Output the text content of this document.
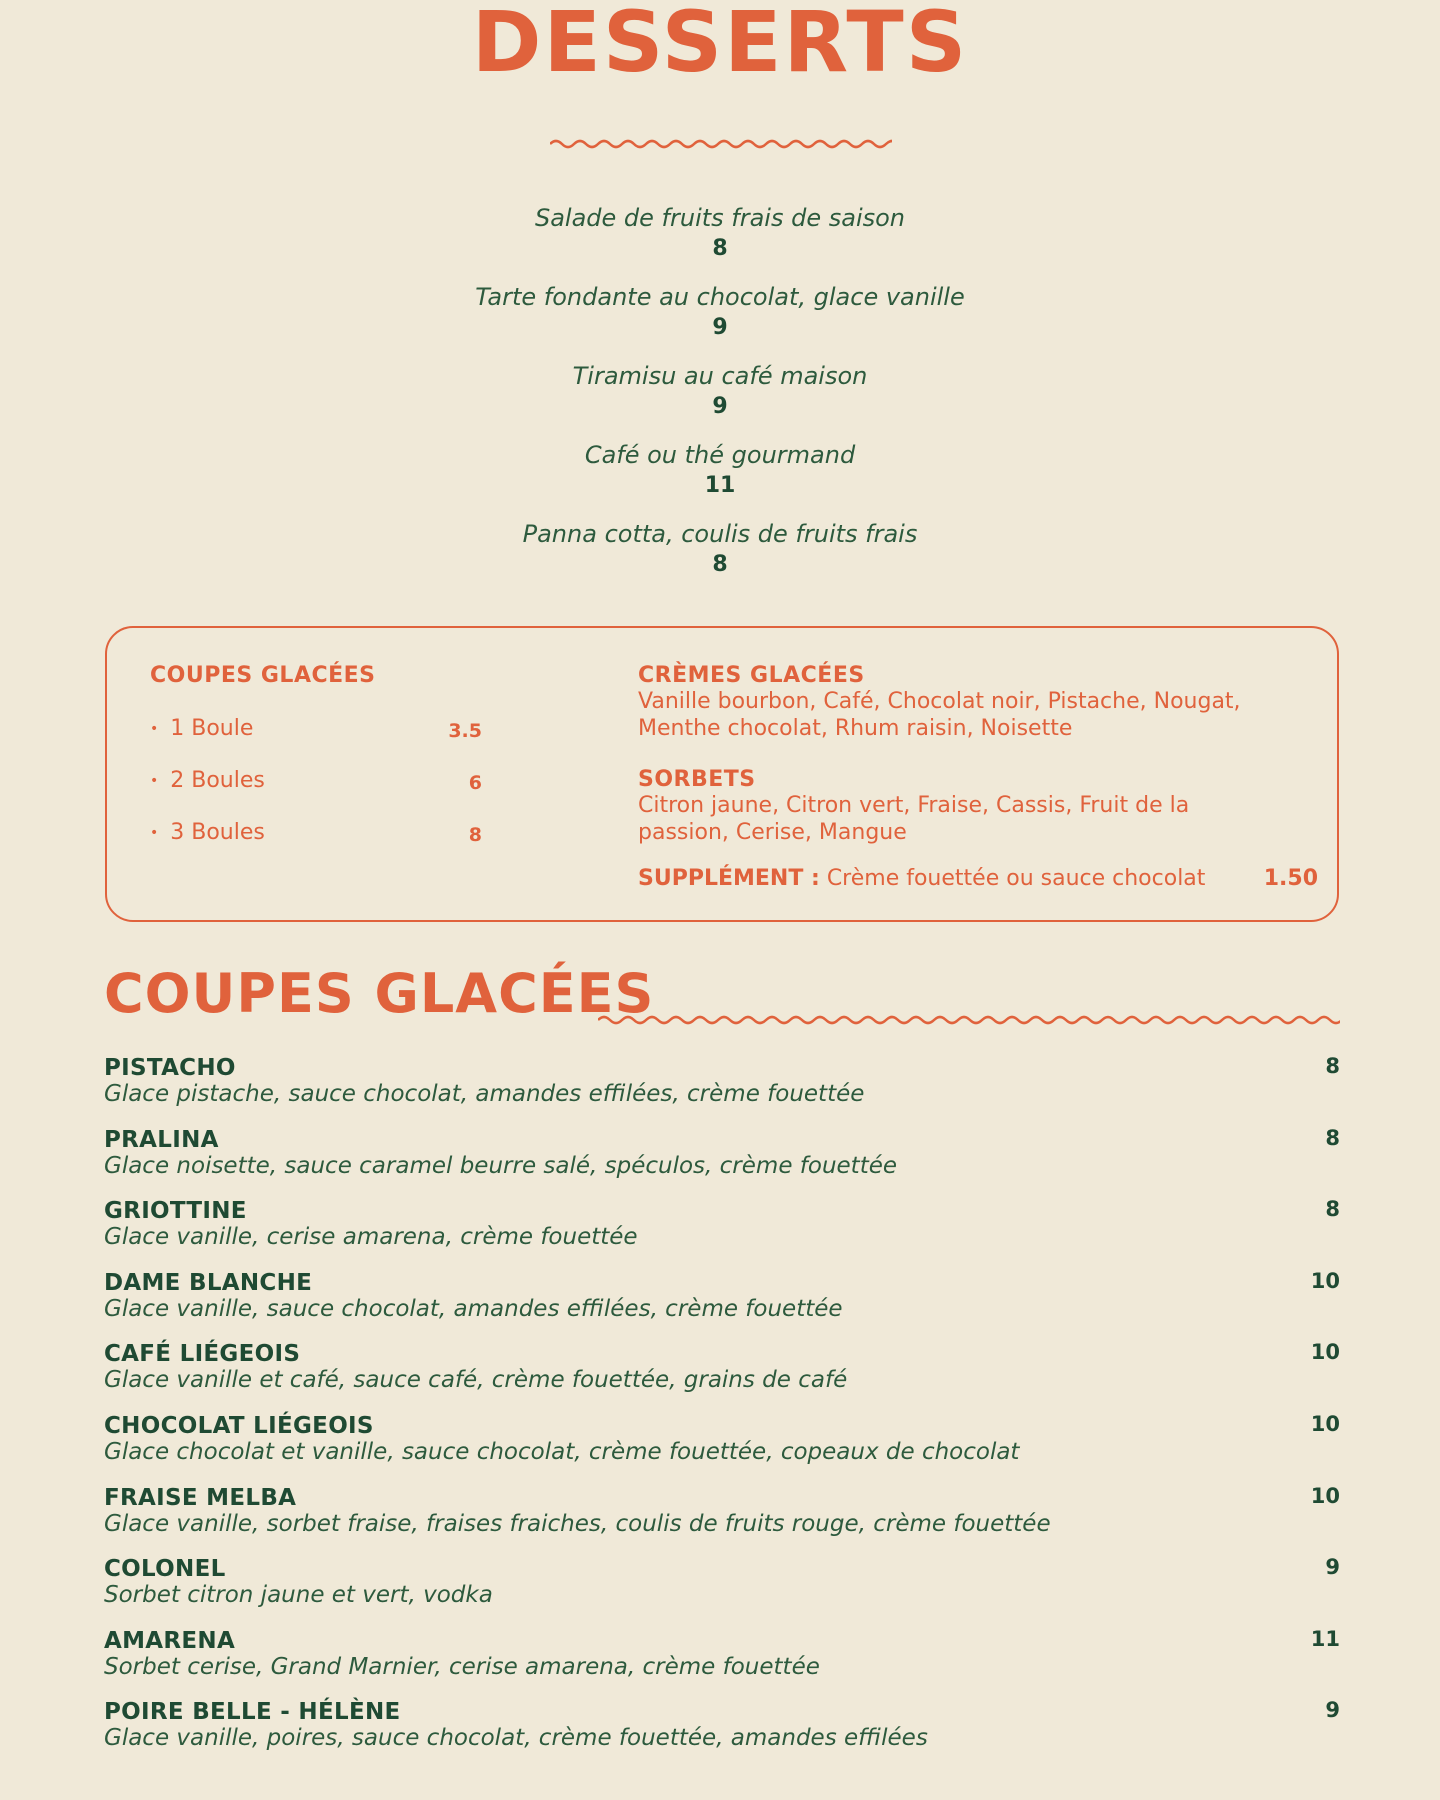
DESSERTS
Salade de fruits frais de saison
8
Tarte fondante au chocolat, glace vanille
9
Tiramisu au café maison
9
Café ou thé gourmand
11
Panna cotta, coulis de fruits frais
8
COUPES GLACÉES
• 1 Boule	3.5
• 2 Boules	6
• 3 Boules	8
CRÈMES GLACÉES
Vanille bourbon, Café, Chocolat noir, Pistache, Nougat,
Menthe chocolat, Rhum raisin, Noisette
SORBETS
Citron jaune, Citron vert, Fraise, Cassis, Fruit de la
passion, Cerise, Mangue
SUPPLÉMENT : Crème fouettée ou sauce chocolat	1.50
COUPES GLACÉES
PISTACHO
Glace pistache, sauce chocolat, amandes effilées, crème fouettée
8
PRALINA
Glace noisette, sauce caramel beurre salé, spéculos, crème fouettée
8
GRIOTTINE
Glace vanille, cerise amarena, crème fouettée
8
DAME BLANCHE
Glace vanille, sauce chocolat, amandes effilées, crème fouettée
10
CAFÉ LIÉGEOIS
Glace vanille et café, sauce café, crème fouettée, grains de café
10
CHOCOLAT LIÉGEOIS
Glace chocolat et vanille, sauce chocolat, crème fouettée, copeaux de chocolat
10
FRAISE MELBA
Glace vanille, sorbet fraise, fraises fraiches, coulis de fruits rouge, crème fouettée
10
COLONEL
Sorbet citron jaune et vert, vodka
9
AMARENA
Sorbet cerise, Grand Marnier, cerise amarena, crème fouettée
11
POIRE BELLE - HÉLÈNE
Glace vanille, poires, sauce chocolat, crème fouettée, amandes effilées
9
